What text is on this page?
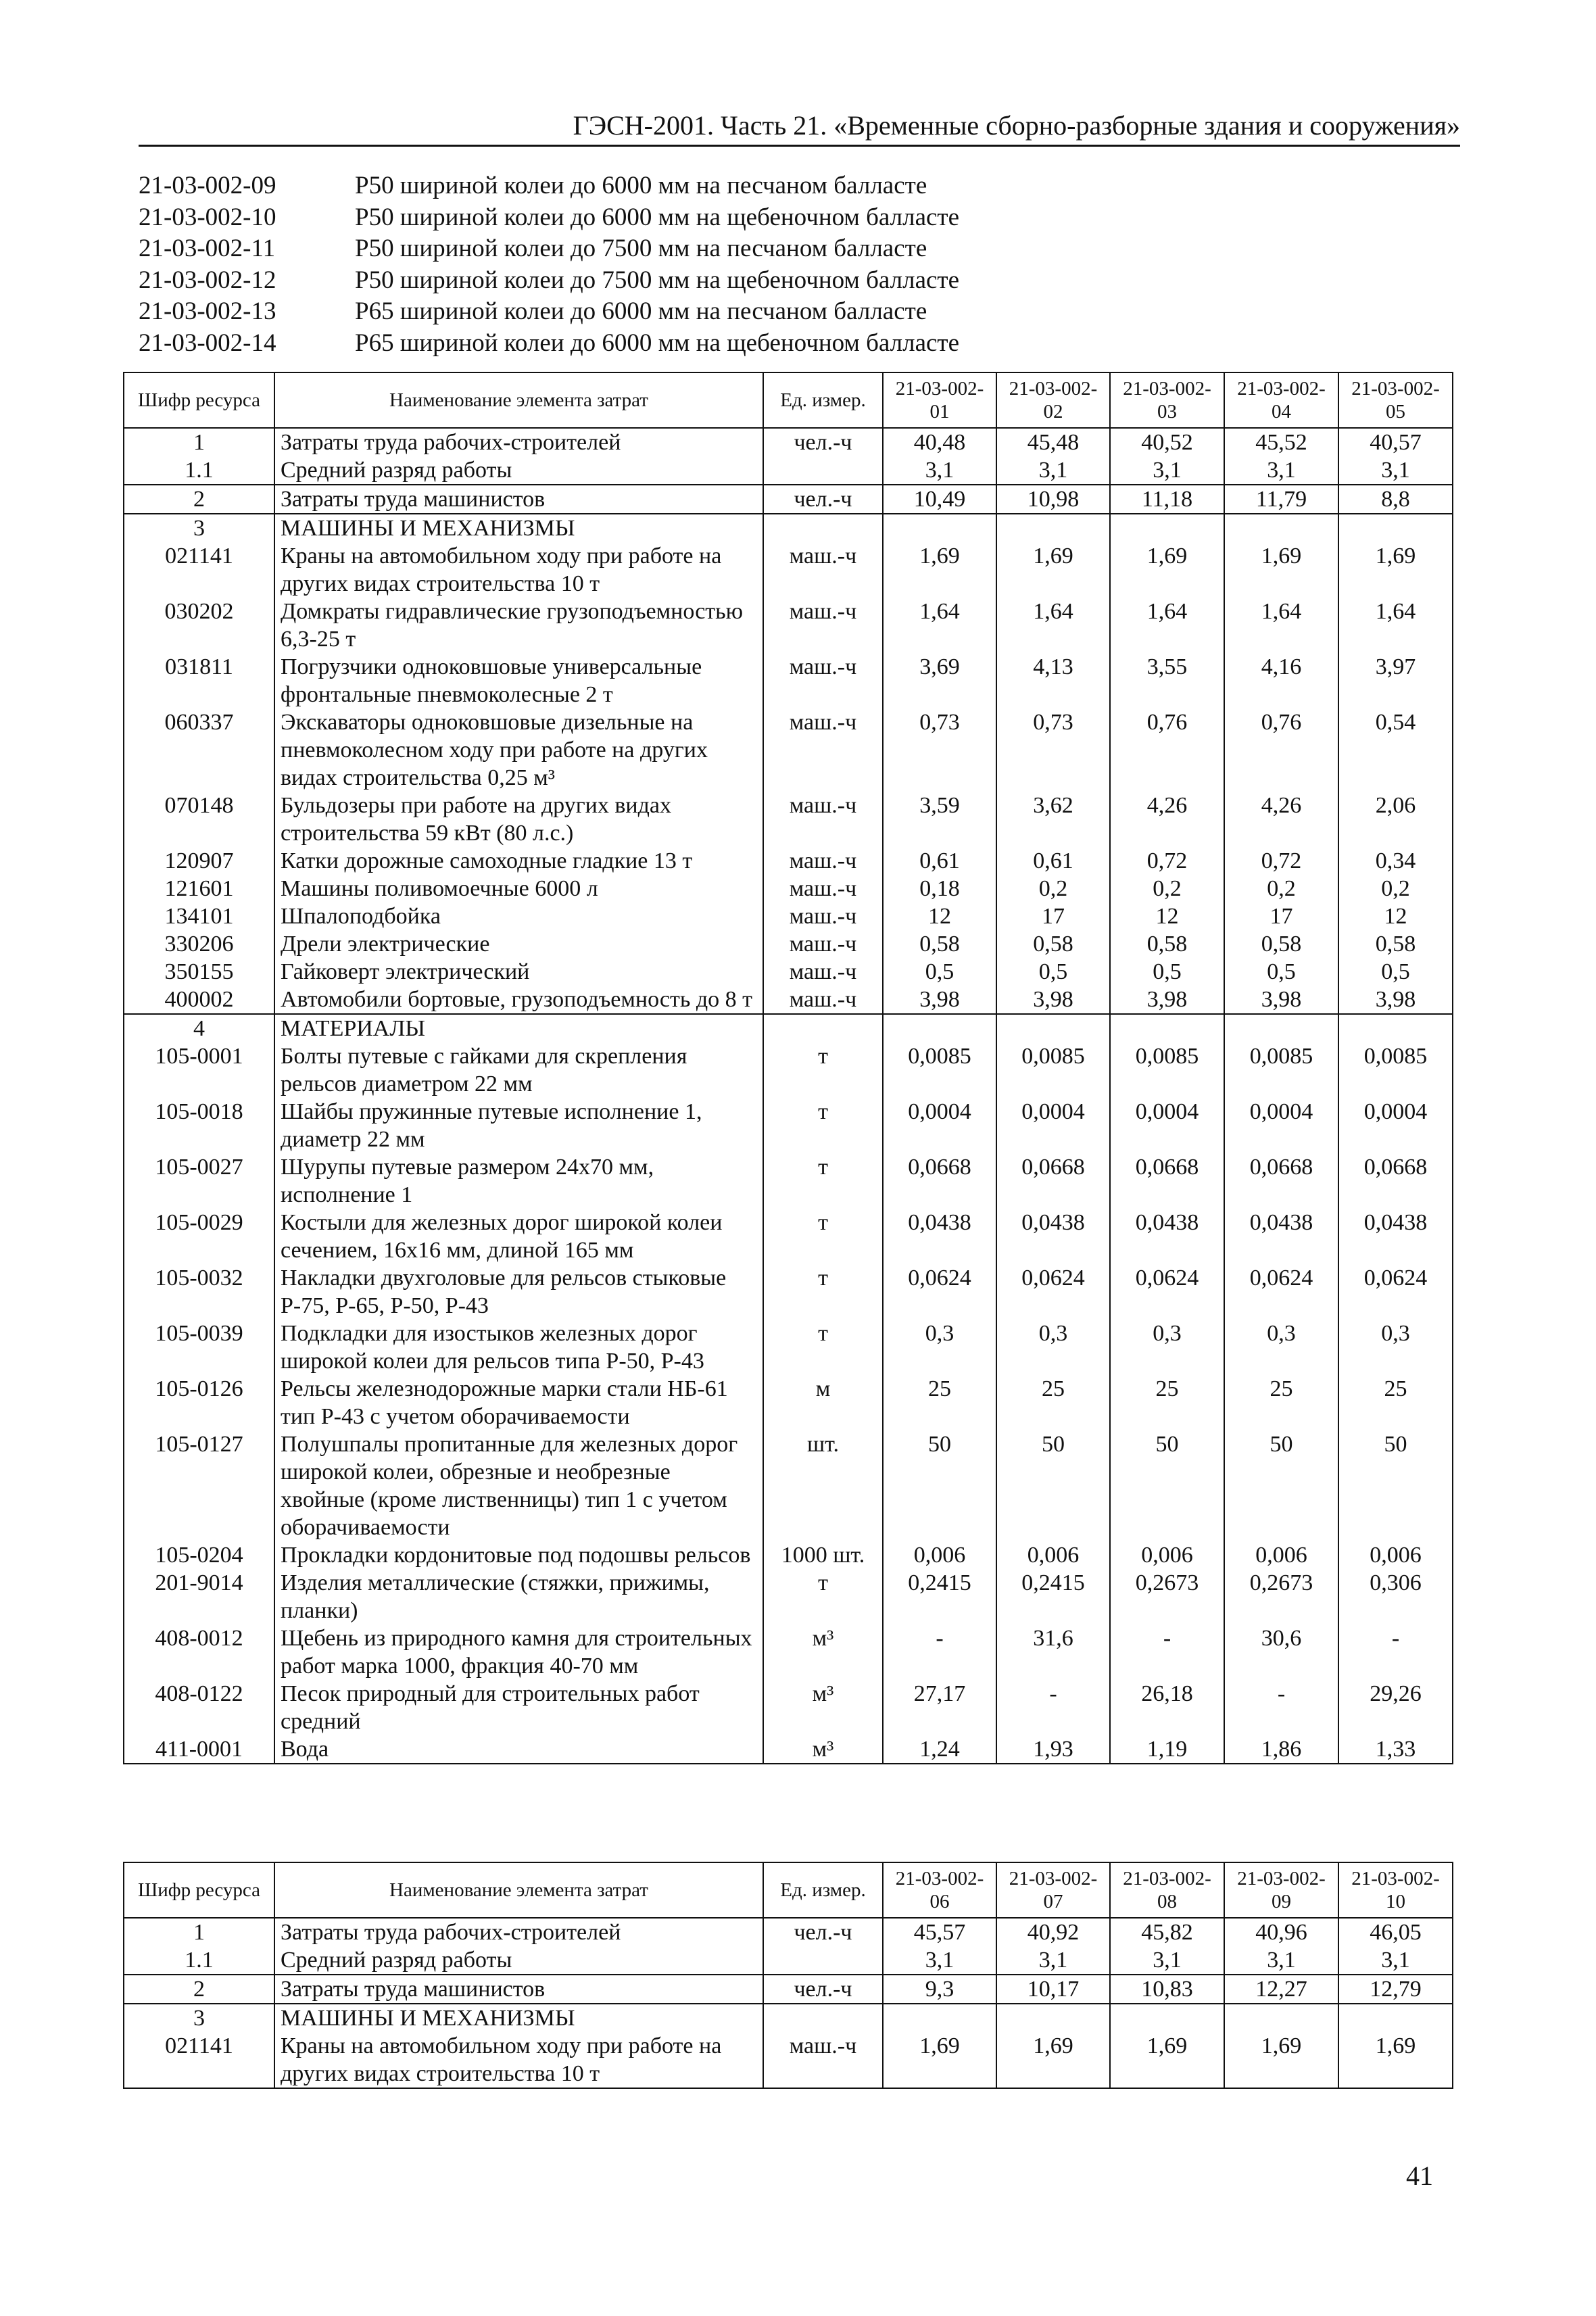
ГЭСН-2001. Часть 21. «Временные сборно-разборные здания и сооружения»
21-03-002-09	Р50 шириной колеи до 6000 мм на песчаном балласте
21-03-002-10	Р50 шириной колеи до 6000 мм на щебеночном балласте
21-03-002-11	Р50 шириной колеи до 7500 мм на песчаном балласте
21-03-002-12	Р50 шириной колеи до 7500 мм на щебеночном балласте
21-03-002-13	Р65 шириной колеи до 6000 мм на песчаном балласте
21-03-002-14	Р65 шириной колеи до 6000 мм на щебеночном балласте
Шифр ресурса	Наименование элемента затрат	Ед. измер.	21-03-002-01	21-03-002-02	21-03-002-03	21-03-002-04	21-03-002-05
1	Затраты труда рабочих-строителей	чел.-ч	40,48	45,48	40,52	45,52	40,57
1.1	Средний разряд работы		3,1	3,1	3,1	3,1	3,1
2	Затраты труда машинистов	чел.-ч	10,49	10,98	11,18	11,79	8,8
3	МАШИНЫ И МЕХАНИЗМЫ						
021141	Краны на автомобильном ходу при работе на других видах строительства 10 т	маш.-ч	1,69	1,69	1,69	1,69	1,69
030202	Домкраты гидравлические грузоподъемностью 6,3-25 т	маш.-ч	1,64	1,64	1,64	1,64	1,64
031811	Погрузчики одноковшовые универсальные фронтальные пневмоколесные 2 т	маш.-ч	3,69	4,13	3,55	4,16	3,97
060337	Экскаваторы одноковшовые дизельные на пневмоколесном ходу при работе на других видах строительства 0,25 м³	маш.-ч	0,73	0,73	0,76	0,76	0,54
070148	Бульдозеры при работе на других видах строительства 59 кВт (80 л.с.)	маш.-ч	3,59	3,62	4,26	4,26	2,06
120907	Катки дорожные самоходные гладкие 13 т	маш.-ч	0,61	0,61	0,72	0,72	0,34
121601	Машины поливомоечные 6000 л	маш.-ч	0,18	0,2	0,2	0,2	0,2
134101	Шпалоподбойка	маш.-ч	12	17	12	17	12
330206	Дрели электрические	маш.-ч	0,58	0,58	0,58	0,58	0,58
350155	Гайковерт электрический	маш.-ч	0,5	0,5	0,5	0,5	0,5
400002	Автомобили бортовые, грузоподъемность до 8 т	маш.-ч	3,98	3,98	3,98	3,98	3,98
4	МАТЕРИАЛЫ						
105-0001	Болты путевые с гайками для скрепления рельсов диаметром 22 мм	т	0,0085	0,0085	0,0085	0,0085	0,0085
105-0018	Шайбы пружинные путевые исполнение 1, диаметр 22 мм	т	0,0004	0,0004	0,0004	0,0004	0,0004
105-0027	Шурупы путевые размером 24х70 мм, исполнение 1	т	0,0668	0,0668	0,0668	0,0668	0,0668
105-0029	Костыли для железных дорог широкой колеи сечением, 16х16 мм, длиной 165 мм	т	0,0438	0,0438	0,0438	0,0438	0,0438
105-0032	Накладки двухголовые для рельсов стыковые Р-75, Р-65, Р-50, Р-43	т	0,0624	0,0624	0,0624	0,0624	0,0624
105-0039	Подкладки для изостыков железных дорог широкой колеи для рельсов типа Р-50, Р-43	т	0,3	0,3	0,3	0,3	0,3
105-0126	Рельсы железнодорожные марки стали НБ-61 тип Р-43 с учетом оборачиваемости	м	25	25	25	25	25
105-0127	Полушпалы пропитанные для железных дорог широкой колеи, обрезные и необрезные хвойные (кроме лиственницы) тип 1 с учетом оборачиваемости	шт.	50	50	50	50	50
105-0204	Прокладки кордонитовые под подошвы рельсов	1000 шт.	0,006	0,006	0,006	0,006	0,006
201-9014	Изделия металлические (стяжки, прижимы, планки)	т	0,2415	0,2415	0,2673	0,2673	0,306
408-0012	Щебень из природного камня для строительных работ марка 1000, фракция 40-70 мм	м³	-	31,6	-	30,6	-
408-0122	Песок природный для строительных работ средний	м³	27,17	-	26,18	-	29,26
411-0001	Вода	м³	1,24	1,93	1,19	1,86	1,33
Шифр ресурса	Наименование элемента затрат	Ед. измер.	21-03-002-06	21-03-002-07	21-03-002-08	21-03-002-09	21-03-002-10
1	Затраты труда рабочих-строителей	чел.-ч	45,57	40,92	45,82	40,96	46,05
1.1	Средний разряд работы		3,1	3,1	3,1	3,1	3,1
2	Затраты труда машинистов	чел.-ч	9,3	10,17	10,83	12,27	12,79
3	МАШИНЫ И МЕХАНИЗМЫ						
021141	Краны на автомобильном ходу при работе на других видах строительства 10 т	маш.-ч	1,69	1,69	1,69	1,69	1,69
41
